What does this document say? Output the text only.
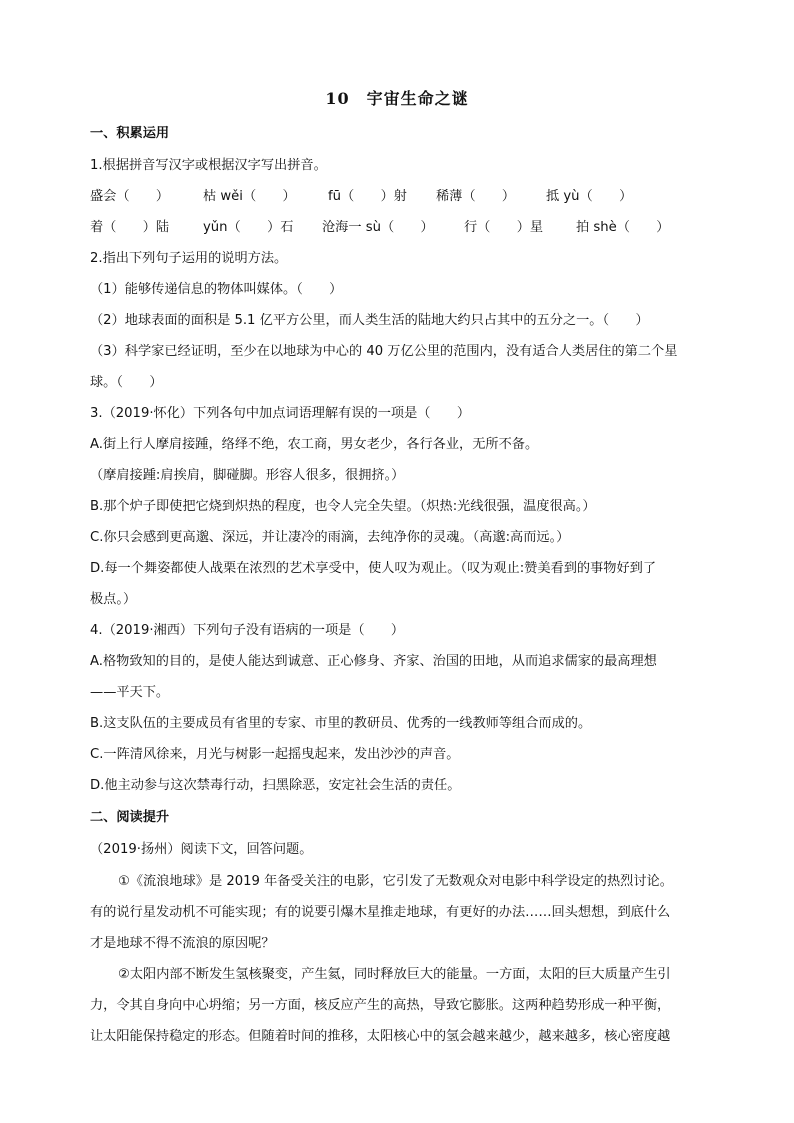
10　宇宙生命之谜
一、积累运用
1.根据拼音写汉字或根据汉字写出拼音。
盛会（　　）	枯 wěi（　　） fū（　　）射 稀薄（　　） 抵 yù（　　）
着（　　）陆	yǔn（　　）石 沧海一 sù（　　） 行（　　）星 拍 shè（　　）
2.指出下列句子运用的说明方法。
（1）能够传递信息的物体叫媒体。（　　）
（2）地球表面的面积是 5.1 亿平方公里，而人类生活的陆地大约只占其中的五分之一。（　　）
（3）科学家已经证明，至少在以地球为中心的 40 万亿公里的范围内，没有适合人类居住的第二个星
球。（　　）
3.（2019·怀化）下列各句中加点词语理解有误的一项是（　　）
A.街上行人摩肩接踵，络绎不绝，农工商，男女老少，各行各业，无所不备。
（摩肩接踵:肩挨肩，脚碰脚。形容人很多，很拥挤。）
B.那个炉子即使把它烧到炽热的程度，也令人完全失望。（炽热:光线很强，温度很高。）
C.你只会感到更高邈、深远，并让凄冷的雨滴，去纯净你的灵魂。（高邈:高而远。）
D.每一个舞姿都使人战栗在浓烈的艺术享受中，使人叹为观止。（叹为观止:赞美看到的事物好到了
极点。）
4.（2019·湘西）下列句子没有语病的一项是（　　）
A.格物致知的目的，是使人能达到诚意、正心修身、齐家、治国的田地，从而追求儒家的最高理想
——平天下。
B.这支队伍的主要成员有省里的专家、市里的教研员、优秀的一线教师等组合而成的。
C.一阵清风徐来，月光与树影一起摇曳起来，发出沙沙的声音。
D.他主动参与这次禁毒行动，扫黑除恶，安定社会生活的责任。
二、阅读提升
（2019·扬州）阅读下文，回答问题。
①《流浪地球》是 2019 年备受关注的电影，它引发了无数观众对电影中科学设定的热烈讨论。
有的说行星发动机不可能实现；有的说要引爆木星推走地球，有更好的办法……回头想想，到底什么
才是地球不得不流浪的原因呢？
②太阳内部不断发生氢核聚变，产生氦，同时释放巨大的能量。一方面，太阳的巨大质量产生引
力，令其自身向中心坍缩；另一方面，核反应产生的高热，导致它膨胀。这两种趋势形成一种平衡，
让太阳能保持稳定的形态。但随着时间的推移，太阳核心中的氢会越来越少，越来越多，核心密度越
